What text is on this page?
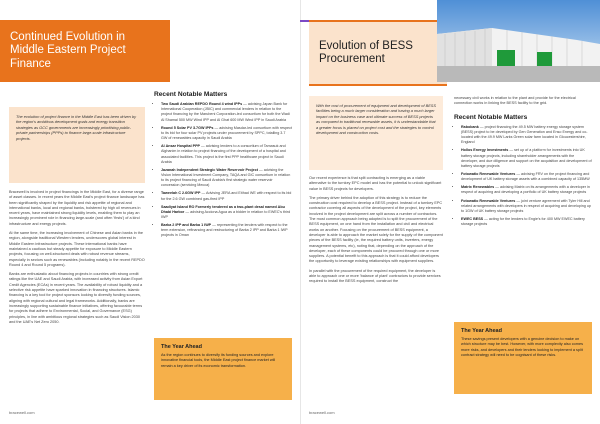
Continued Evolution in Middle Eastern Project Finance

The evolution of project finance in the Middle East has been driven by the region's ambitious development goals and energy transition strategies as GCC governments are increasingly prioritising public-private partnerships (PPPs) to finance large-scale infrastructure projects.

Bracewell is involved in project financings in the Middle East, for a diverse range of asset classes. In recent years the Middle East's project finance landscape has been significantly shaped by the liquidity and risk appetite of regional and international banks, local and regional banks, bolstered by high oil revenues in recent years, have maintained strong liquidity levels, enabling them to play an increasingly prominent role in financing large-scale (and often 'firsts') of a kind infrastructure and energy projects.

At the same time, the increasing involvement of Chinese and Asian banks in the region, alongside traditional Western lenders, underscores global interest in Middle Eastern infrastructure projects. These international banks have maintained a cautious but steady appetite for exposure to Middle Eastern projects, focusing on well-structured deals with robust revenue streams, especially in sectors such as renewables (including notably in the recent REPDO Round 4 and Round 5 programs).

Banks are enthusiastic about financing projects in countries with strong credit ratings like the UAE and Saudi Arabia, with increased activity from Asian Export Credit Agencies (ECAs) in recent years. The availability of robust liquidity and a selective risk appetite have sparked innovation in financing structures. Islamic financing is a key tool for project sponsors looking to diversify funding sources, aligning with regional cultural and legal frameworks. Additionally, banks are increasingly supporting sustainable finance initiatives, offering favourable terms for projects that adhere to Environmental, Social, and Governance (ESG) principles, in line with ambitious regional strategies such as Saudi Vision 2030 and the UAE's Net Zero 2050.

Recent Notable Matters
• Two Saudi Arabian REPDO Round 4 wind IPPs — advising Japan Bank for International Cooperation (JBIC) and commercial lenders in relation to the project financing by the Marubeni Corporation-led consortium for both the Wadi Al Shamal 500 MW Wind IPP and Al Ghat 600 MW Wind IPP in Saudi Arabia
• Round 5 Solar PV 3.7GW IPPs — advising Masdar-led consortium with respect to its bid for four solar PV projects under procurement by SPPC, totalling 3.7 GW of renewables capacity in Saudi Arabia
• Al Ansar Hospital PPP — advising lenders to a consortium of Tamasuk and Alghanim in relation to project financing of the development of a hospital and associated facilities. This project is the first PPP healthcare project in Saudi Arabia
• Jazanah Independent Strategic Water Reservoir Project — advising the Vision International Investment Company, TAQA and GIC consortium in relation to its project financing of Saudi Arabia's first strategic water reservoir concession (servicing Mecca)
• Taweelah C 2.6GW IPP — Advising JERA and Etihad WE with respect to its bid for the 2.6 GW combined gas-fired IPP
• Saadiyat Island RO Formerly tendered as a two-plant desal named Abu Dhabi Harbor — advising Acciona Agua as a bidder in relation to EWEC's third IWP
• Barka 2 IPP and Barka 1 IWP — representing the lenders with respect to the term extension, refinancing and restructuring of Barka 2 IPP and Barka 1 IWP projects in Oman
The Year Ahead

As the region continues to diversify its funding sources and explore innovative financial tools, the Middle East project finance market will remain a key driver of its economic transformation.

bracewell.com
Evolution of BESS Procurement

With the cost of procurement of equipment and development of BESS facilities being a much larger consideration and having a much larger impact on the business case and ultimate success of BESS projects as compared to traditional renewable assets, it is understandable that a greater focus is placed on project cost and the strategies to control development and construction costs.

Our recent experience is that split contracting is emerging as a viable alternative to the turnkey EPC model and has the potential to unlock significant value in BESS projects for developers.

The primary driver behind the adoption of this strategy is to reduce the construction cost required to develop a BESS project. Instead of a turnkey EPC contractor covering all aspects of the development of the project, key elements involved in the project development are split across a number of contractors. The most common approach being adopted is to split the procurement of the BESS equipment, on one hand from the installation and civil and electrical works on another. Focusing on the procurement of BESS equipment, a developer is able to approach the market solely for the supply of the component pieces of the BESS facility (ie, the required battery units, inverters, energy management systems, etc), noting that, depending on the approach of the developer, each of these components could be procured through one or more suppliers. A potential benefit to this approach is that it could afford developers the opportunity to leverage existing relationships with equipment suppliers.

In parallel with the procurement of the required equipment, the developer is able to approach one or more 'balance of plant' contractors to provide services required to install the BESS equipment, construct the

necessary civil works in relation to the plant and provide for the electrical connection works in linking the BESS facility to the grid.

Recent Notable Matters
• Rabobank — project financing the 49.5 MW battery energy storage system (BESS) project to be developed by Gen Generation and Enso Energy and co-located with the 49.9 MW Larks Green solar farm located in Gloucestershire, England
• Hollos Energy Investments — set up of a platform for investments into UK battery storage projects, including shareholder arrangements with the developer, and due diligence and support on the acquisition and development of battery storage projects
• Fotowatio Renewable Ventures — advising FRV on the project financing and development of UK battery storage assets with a combined capacity of 135MW
• Matrix Renewables — advising Matrix on its arrangements with a developer in respect of acquiring and developing a portfolio of UK battery storage projects
• Fotowatio Renewable Ventures — joint venture agreement with Tyler Hill and related arrangements with developers in respect of acquiring and developing up to 1GW of UK battery storage projects
• EWEC BESS — acting for the lenders to Engie's for 400 MW EWEC battery storage projects
The Year Ahead

These savings present developers with a genuine decision to make on which structure may be best. However, with more complexity also comes more risks, and developers and their lenders looking to implement a split contract strategy will need to be cognisant of these risks.

bracewell.com
